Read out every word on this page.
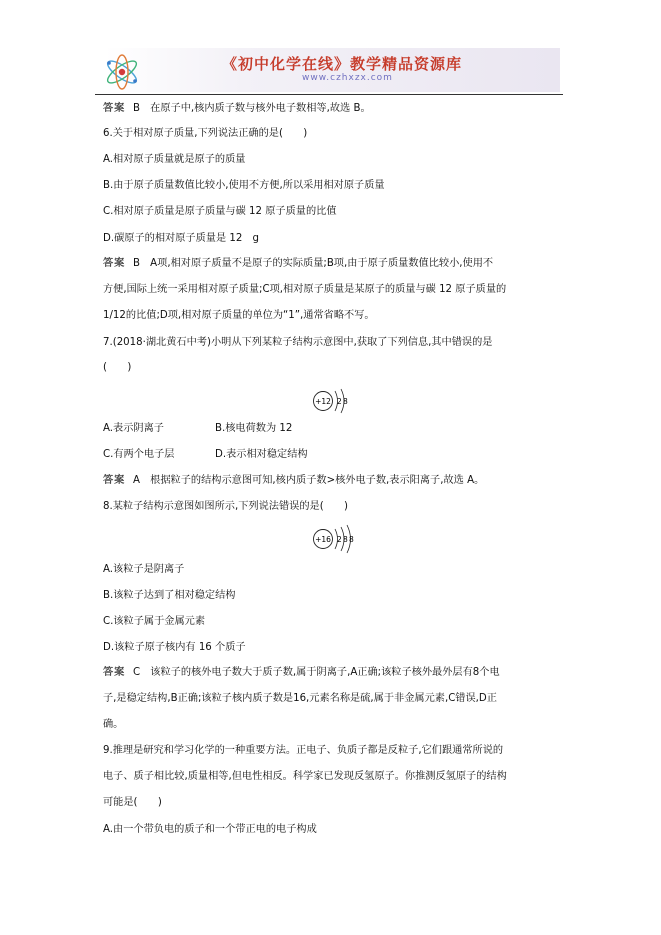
《初中化学在线》教学精品资源库
www.czhxzx.com
答案 B　在原子中,核内质子数与核外电子数相等,故选 B。
6.关于相对原子质量,下列说法正确的是(　　)
A.相对原子质量就是原子的质量
B.由于原子质量数值比较小,使用不方便,所以采用相对原子质量
C.相对原子质量是原子质量与碳 12 原子质量的比值
D.碳原子的相对原子质量是 12　g
答案 B　A项,相对原子质量不是原子的实际质量;B项,由于原子质量数值比较小,使用不
方便,国际上统一采用相对原子质量;C项,相对原子质量是某原子的质量与碳 12 原子质量的
1/12的比值;D项,相对原子质量的单位为“1”,通常省略不写。
7.(2018·湖北黄石中考)小明从下列某粒子结构示意图中,获取了下列信息,其中错误的是
(　　)
+12 2 8
A.表示阴离子	B.核电荷数为 12
C.有两个电子层	D.表示相对稳定结构
答案 A　根据粒子的结构示意图可知,核内质子数>核外电子数,表示阳离子,故选 A。
8.某粒子结构示意图如图所示,下列说法错误的是(　　)
+16 2 8 8
A.该粒子是阴离子
B.该粒子达到了相对稳定结构
C.该粒子属于金属元素
D.该粒子原子核内有 16 个质子
答案 C　该粒子的核外电子数大于质子数,属于阴离子,A正确;该粒子核外最外层有8个电
子,是稳定结构,B正确;该粒子核内质子数是16,元素名称是硫,属于非金属元素,C错误,D正
确。
9.推理是研究和学习化学的一种重要方法。正电子、负质子都是反粒子,它们跟通常所说的
电子、质子相比较,质量相等,但电性相反。科学家已发现反氢原子。你推测反氢原子的结构
可能是(　　)
A.由一个带负电的质子和一个带正电的电子构成
